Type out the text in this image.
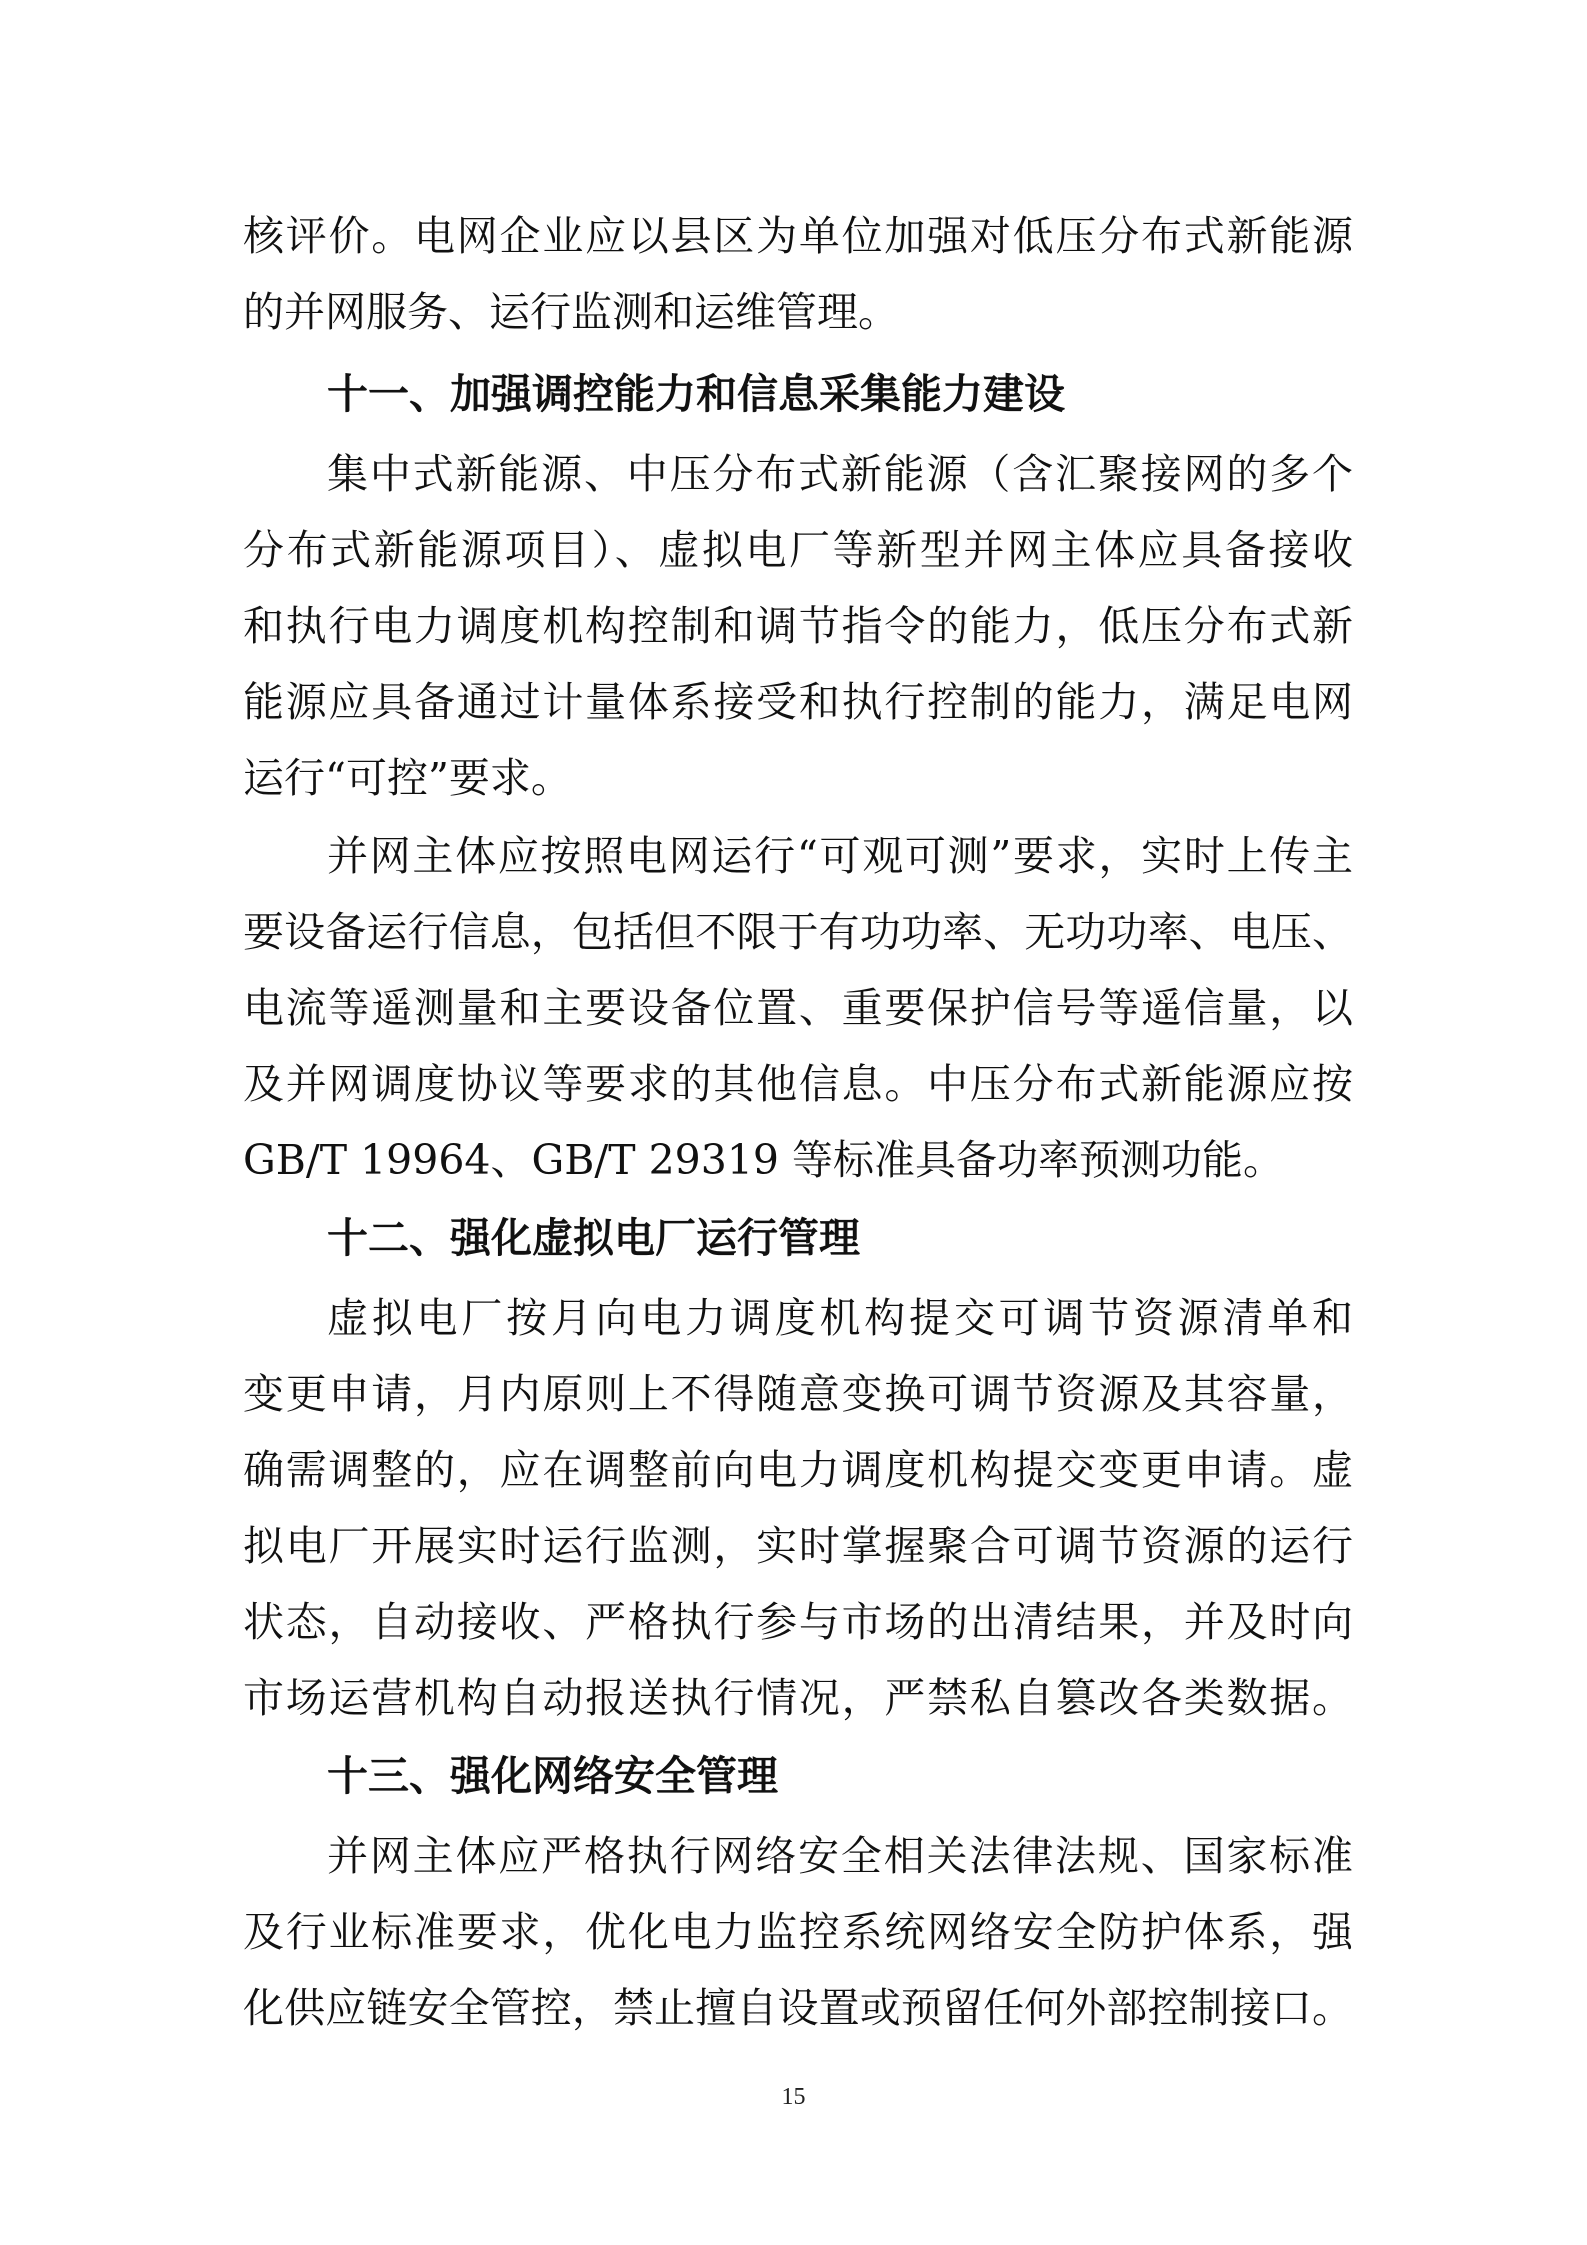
核评价。电网企业应以县区为单位加强对低压分布式新能源
的并网服务、运行监测和运维管理。
十一、加强调控能力和信息采集能力建设
集中式新能源、中压分布式新能源（含汇聚接网的多个
分布式新能源项目）、虚拟电厂等新型并网主体应具备接收
和执行电力调度机构控制和调节指令的能力，低压分布式新
能源应具备通过计量体系接受和执行控制的能力，满足电网
运行“可控”要求。
并网主体应按照电网运行“可观可测”要求，实时上传主
要设备运行信息，包括但不限于有功功率、无功功率、电压、
电流等遥测量和主要设备位置、重要保护信号等遥信量，以
及并网调度协议等要求的其他信息。中压分布式新能源应按
GB/T 19964、GB/T 29319 等标准具备功率预测功能。
十二、强化虚拟电厂运行管理
虚拟电厂按月向电力调度机构提交可调节资源清单和
变更申请，月内原则上不得随意变换可调节资源及其容量，
确需调整的，应在调整前向电力调度机构提交变更申请。虚
拟电厂开展实时运行监测，实时掌握聚合可调节资源的运行
状态，自动接收、严格执行参与市场的出清结果，并及时向
市场运营机构自动报送执行情况，严禁私自篡改各类数据。
十三、强化网络安全管理
并网主体应严格执行网络安全相关法律法规、国家标准
及行业标准要求，优化电力监控系统网络安全防护体系，强
化供应链安全管控，禁止擅自设置或预留任何外部控制接口。
15
